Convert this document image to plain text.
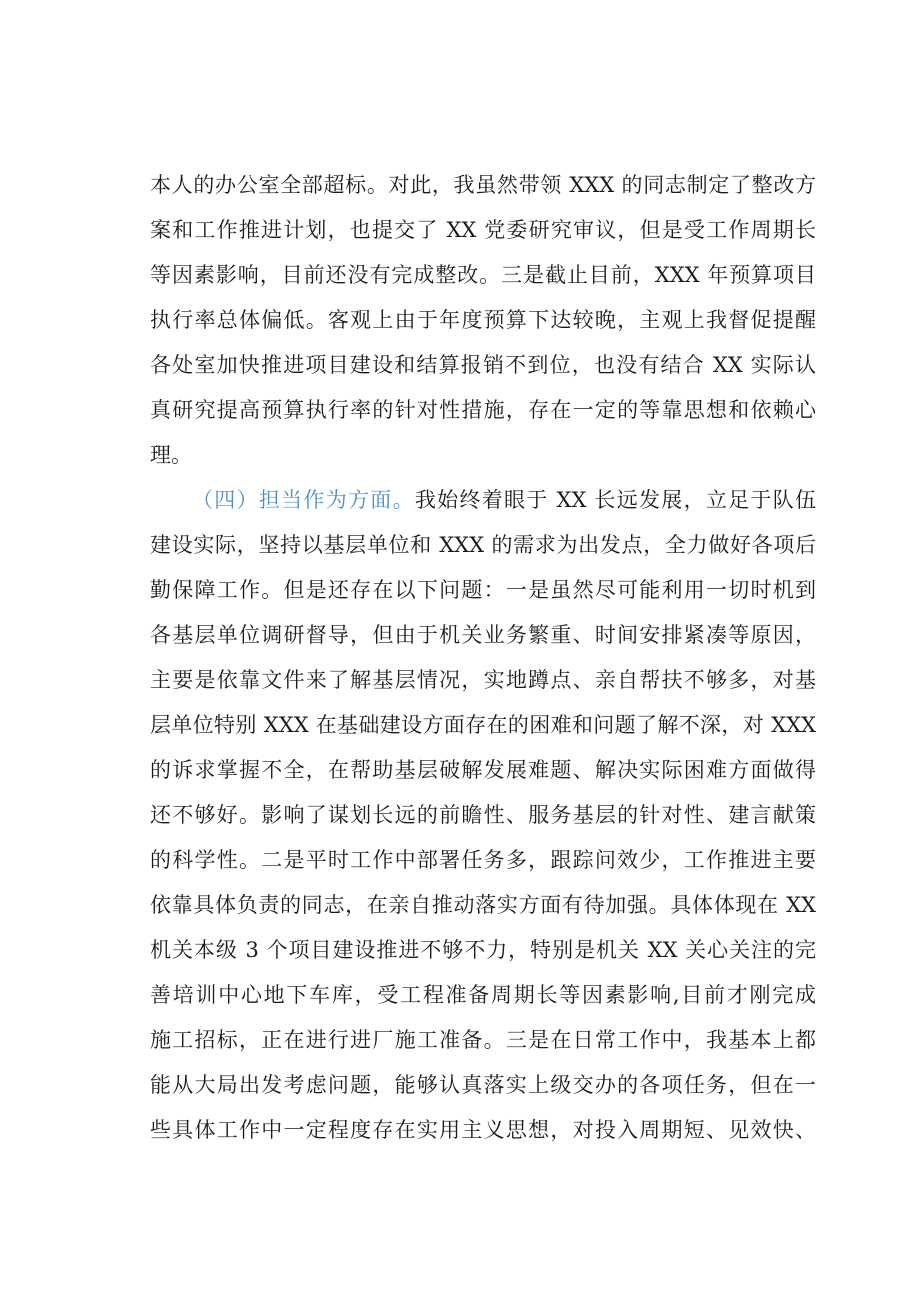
本人的办公室全部超标。对此，我虽然带领 XXX 的同志制定了整改方

案和工作推进计划，也提交了 XX 党委研究审议，但是受工作周期长

等因素影响，目前还没有完成整改。三是截止目前，XXX 年预算项目

执行率总体偏低。客观上由于年度预算下达较晚，主观上我督促提醒

各处室加快推进项目建设和结算报销不到位，也没有结合 XX 实际认

真研究提高预算执行率的针对性措施，存在一定的等靠思想和依赖心

理。

（四）担当作为方面。我始终着眼于 XX 长远发展，立足于队伍

建设实际，坚持以基层单位和 XXX 的需求为出发点，全力做好各项后

勤保障工作。但是还存在以下问题：一是虽然尽可能利用一切时机到

各基层单位调研督导，但由于机关业务繁重、时间安排紧凑等原因，

主要是依靠文件来了解基层情况，实地蹲点、亲自帮扶不够多，对基

层单位特别 XXX 在基础建设方面存在的困难和问题了解不深，对 XXX

的诉求掌握不全，在帮助基层破解发展难题、解决实际困难方面做得

还不够好。影响了谋划长远的前瞻性、服务基层的针对性、建言献策

的科学性。二是平时工作中部署任务多，跟踪问效少，工作推进主要

依靠具体负责的同志，在亲自推动落实方面有待加强。具体体现在 XX

机关本级 3 个项目建设推进不够不力，特别是机关 XX 关心关注的完

善培训中心地下车库，受工程准备周期长等因素影响,目前才刚完成

施工招标，正在进行进厂施工准备。三是在日常工作中，我基本上都

能从大局出发考虑问题，能够认真落实上级交办的各项任务，但在一

些具体工作中一定程度存在实用主义思想，对投入周期短、见效快、
